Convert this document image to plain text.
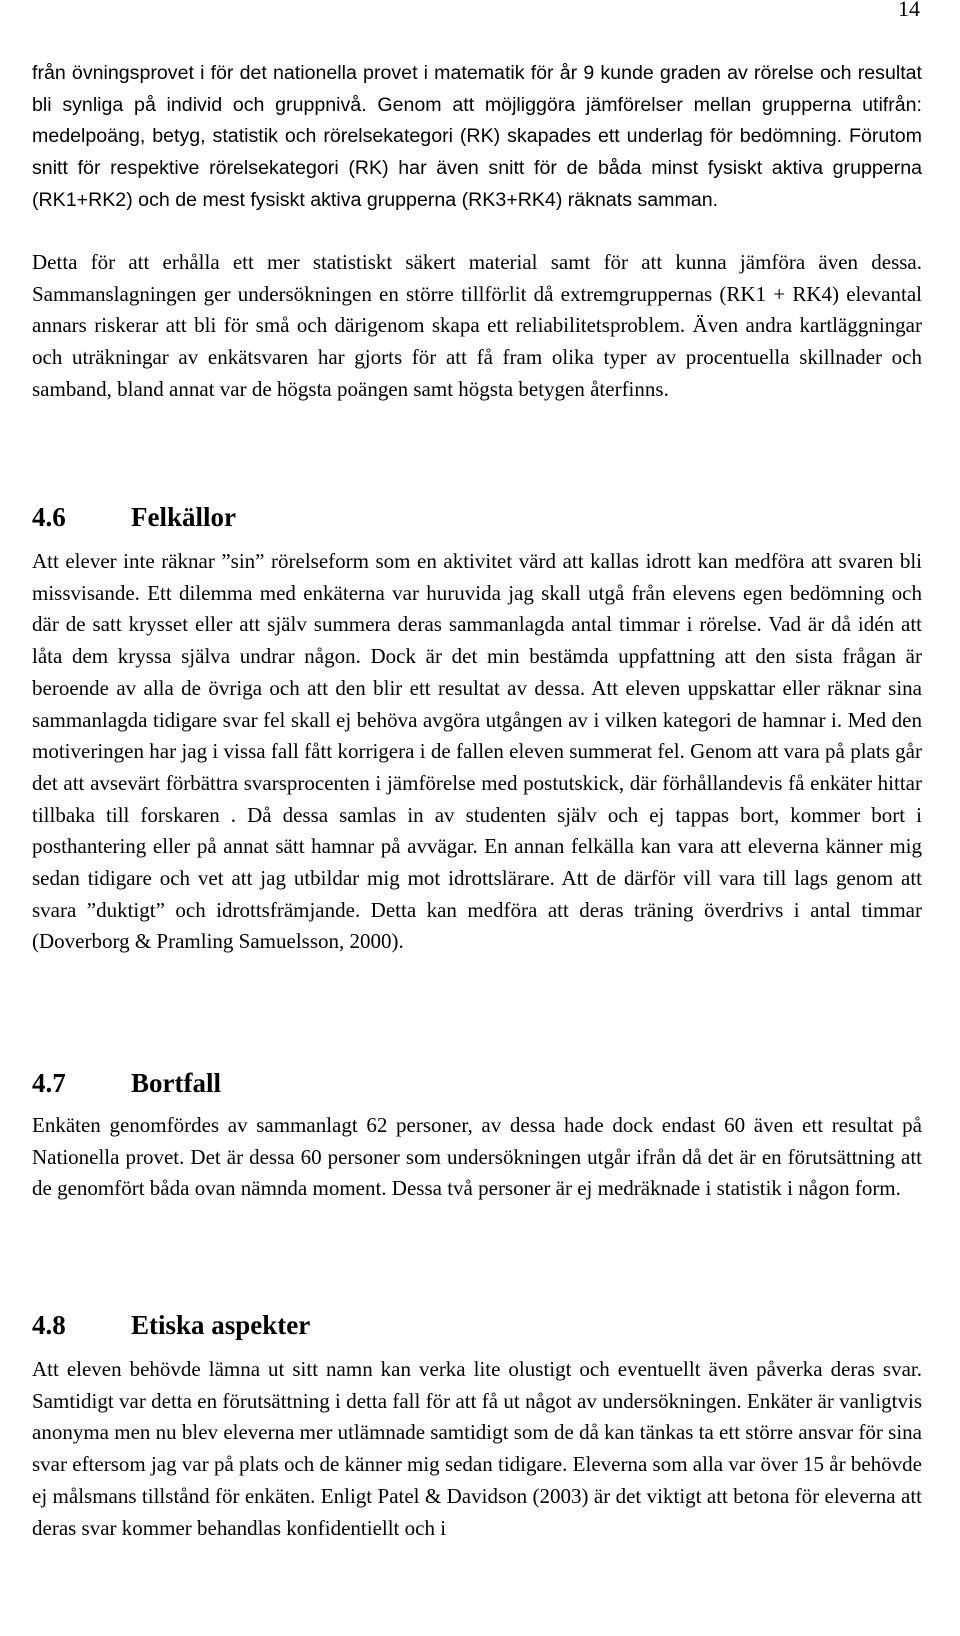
14

från övningsprovet i för det nationella provet i matematik för år 9 kunde graden av rörelse och resultat bli synliga på individ och gruppnivå. Genom att möjliggöra jämförelser mellan grupperna utifrån: medelpoäng, betyg, statistik och rörelsekategori (RK) skapades ett underlag för bedömning. Förutom snitt för respektive rörelsekategori (RK) har även snitt för de båda minst fysiskt aktiva grupperna (RK1+RK2) och de mest fysiskt aktiva grupperna (RK3+RK4) räknats samman.

Detta för att erhålla ett mer statistiskt säkert material samt för att kunna jämföra även dessa. Sammanslagningen ger undersökningen en större tillförlit då extremgruppernas (RK1 + RK4) elevantal annars riskerar att bli för små och därigenom skapa ett reliabilitetsproblem. Även andra kartläggningar och uträkningar av enkätsvaren har gjorts för att få fram olika typer av procentuella skillnader och samband, bland annat var de högsta poängen samt högsta betygen återfinns.

4.6 Felkällor

Att elever inte räknar ”sin” rörelseform som en aktivitet värd att kallas idrott kan medföra att svaren bli missvisande. Ett dilemma med enkäterna var huruvida jag skall utgå från elevens egen bedömning och där de satt krysset eller att själv summera deras sammanlagda antal timmar i rörelse. Vad är då idén att låta dem kryssa själva undrar någon. Dock är det min bestämda uppfattning att den sista frågan är beroende av alla de övriga och att den blir ett resultat av dessa. Att eleven uppskattar eller räknar sina sammanlagda tidigare svar fel skall ej behöva avgöra utgången av i vilken kategori de hamnar i. Med den motiveringen har jag i vissa fall fått korrigera i de fallen eleven summerat fel. Genom att vara på plats går det att avsevärt förbättra svarsprocenten i jämförelse med postutskick, där förhållandevis få enkäter hittar tillbaka till forskaren . Då dessa samlas in av studenten själv och ej tappas bort, kommer bort i posthantering eller på annat sätt hamnar på avvägar. En annan felkälla kan vara att eleverna känner mig sedan tidigare och vet att jag utbildar mig mot idrottslärare. Att de därför vill vara till lags genom att svara ”duktigt” och idrottsfrämjande. Detta kan medföra att deras träning överdrivs i antal timmar (Doverborg & Pramling Samuelsson, 2000).

4.7 Bortfall

Enkäten genomfördes av sammanlagt 62 personer, av dessa hade dock endast 60 även ett resultat på Nationella provet. Det är dessa 60 personer som undersökningen utgår ifrån då det är en förutsättning att de genomfört båda ovan nämnda moment. Dessa två personer är ej medräknade i statistik i någon form.

4.8 Etiska aspekter

Att eleven behövde lämna ut sitt namn kan verka lite olustigt och eventuellt även påverka deras svar. Samtidigt var detta en förutsättning i detta fall för att få ut något av undersökningen. Enkäter är vanligtvis anonyma men nu blev eleverna mer utlämnade samtidigt som de då kan tänkas ta ett större ansvar för sina svar eftersom jag var på plats och de känner mig sedan tidigare. Eleverna som alla var över 15 år behövde ej målsmans tillstånd för enkäten. Enligt Patel & Davidson (2003) är det viktigt att betona för eleverna att deras svar kommer behandlas konfidentiellt och i
